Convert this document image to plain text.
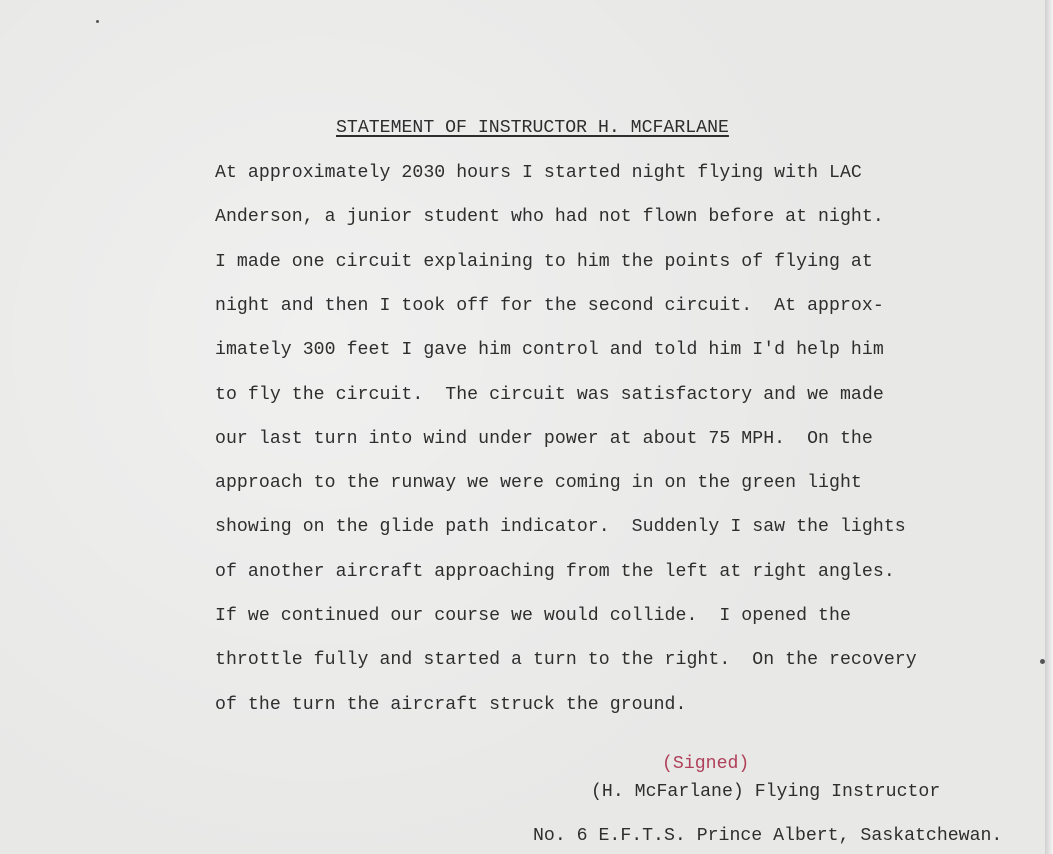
STATEMENT OF INSTRUCTOR H. MCFARLANE
At approximately 2030 hours I started night flying with LAC
Anderson, a junior student who had not flown before at night.
I made one circuit explaining to him the points of flying at
night and then I took off for the second circuit.  At approx-
imately 300 feet I gave him control and told him I'd help him
to fly the circuit.  The circuit was satisfactory and we made
our last turn into wind under power at about 75 MPH.  On the
approach to the runway we were coming in on the green light
showing on the glide path indicator.  Suddenly I saw the lights
of another aircraft approaching from the left at right angles.
If we continued our course we would collide.  I opened the
throttle fully and started a turn to the right.  On the recovery
of the turn the aircraft struck the ground.
(Signed)
(H. McFarlane) Flying Instructor
No. 6 E.F.T.S. Prince Albert, Saskatchewan.
